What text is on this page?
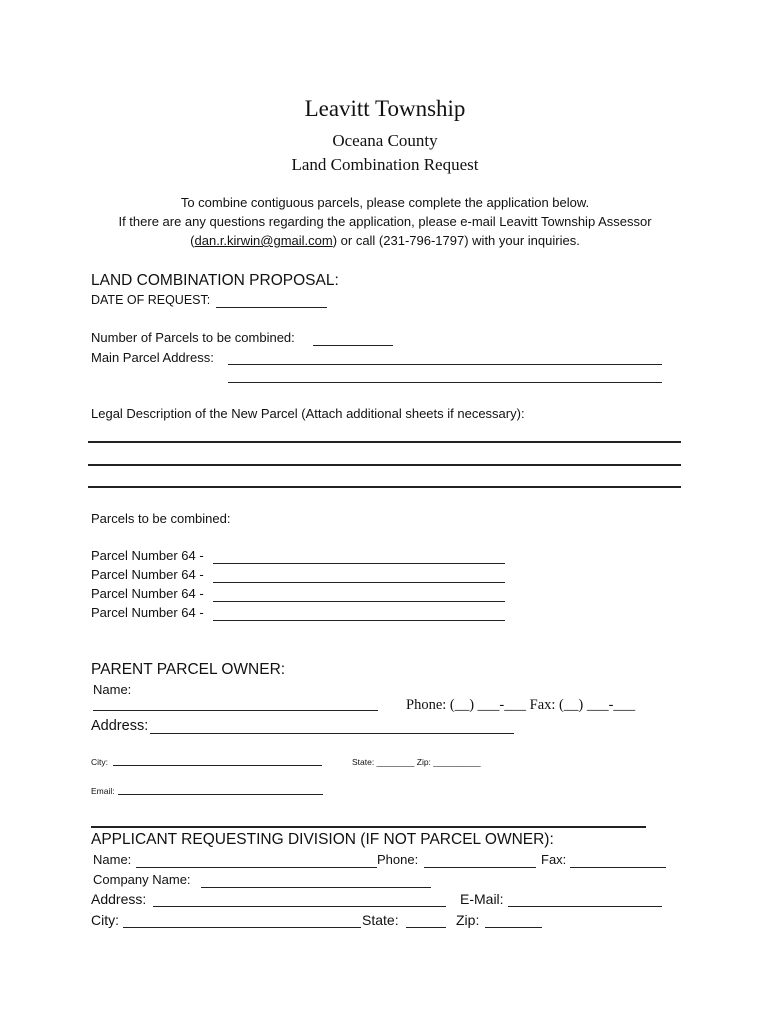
Leavitt Township
Oceana County
Land Combination Request
To combine contiguous parcels, please complete the application below.
If there are any questions regarding the application, please e-mail Leavitt Township Assessor
(dan.r.kirwin@gmail.com) or call (231-796-1797) with your inquiries.
LAND COMBINATION PROPOSAL:
DATE OF REQUEST:
Number of Parcels to be combined:
Main Parcel Address:
Legal Description of the New Parcel (Attach additional sheets if necessary):
Parcels to be combined:
Parcel Number 64 -
Parcel Number 64 -
Parcel Number 64 -
Parcel Number 64 -
PARENT PARCEL OWNER:
Name:
Phone: (__) ___-___ Fax: (__) ___-___
Address:
City:	State: ________ Zip: __________
Email:
APPLICANT REQUESTING DIVISION (IF NOT PARCEL OWNER):
Name:	Phone:	Fax:
Company Name:
Address:	E-Mail:
City:	State:	Zip:
